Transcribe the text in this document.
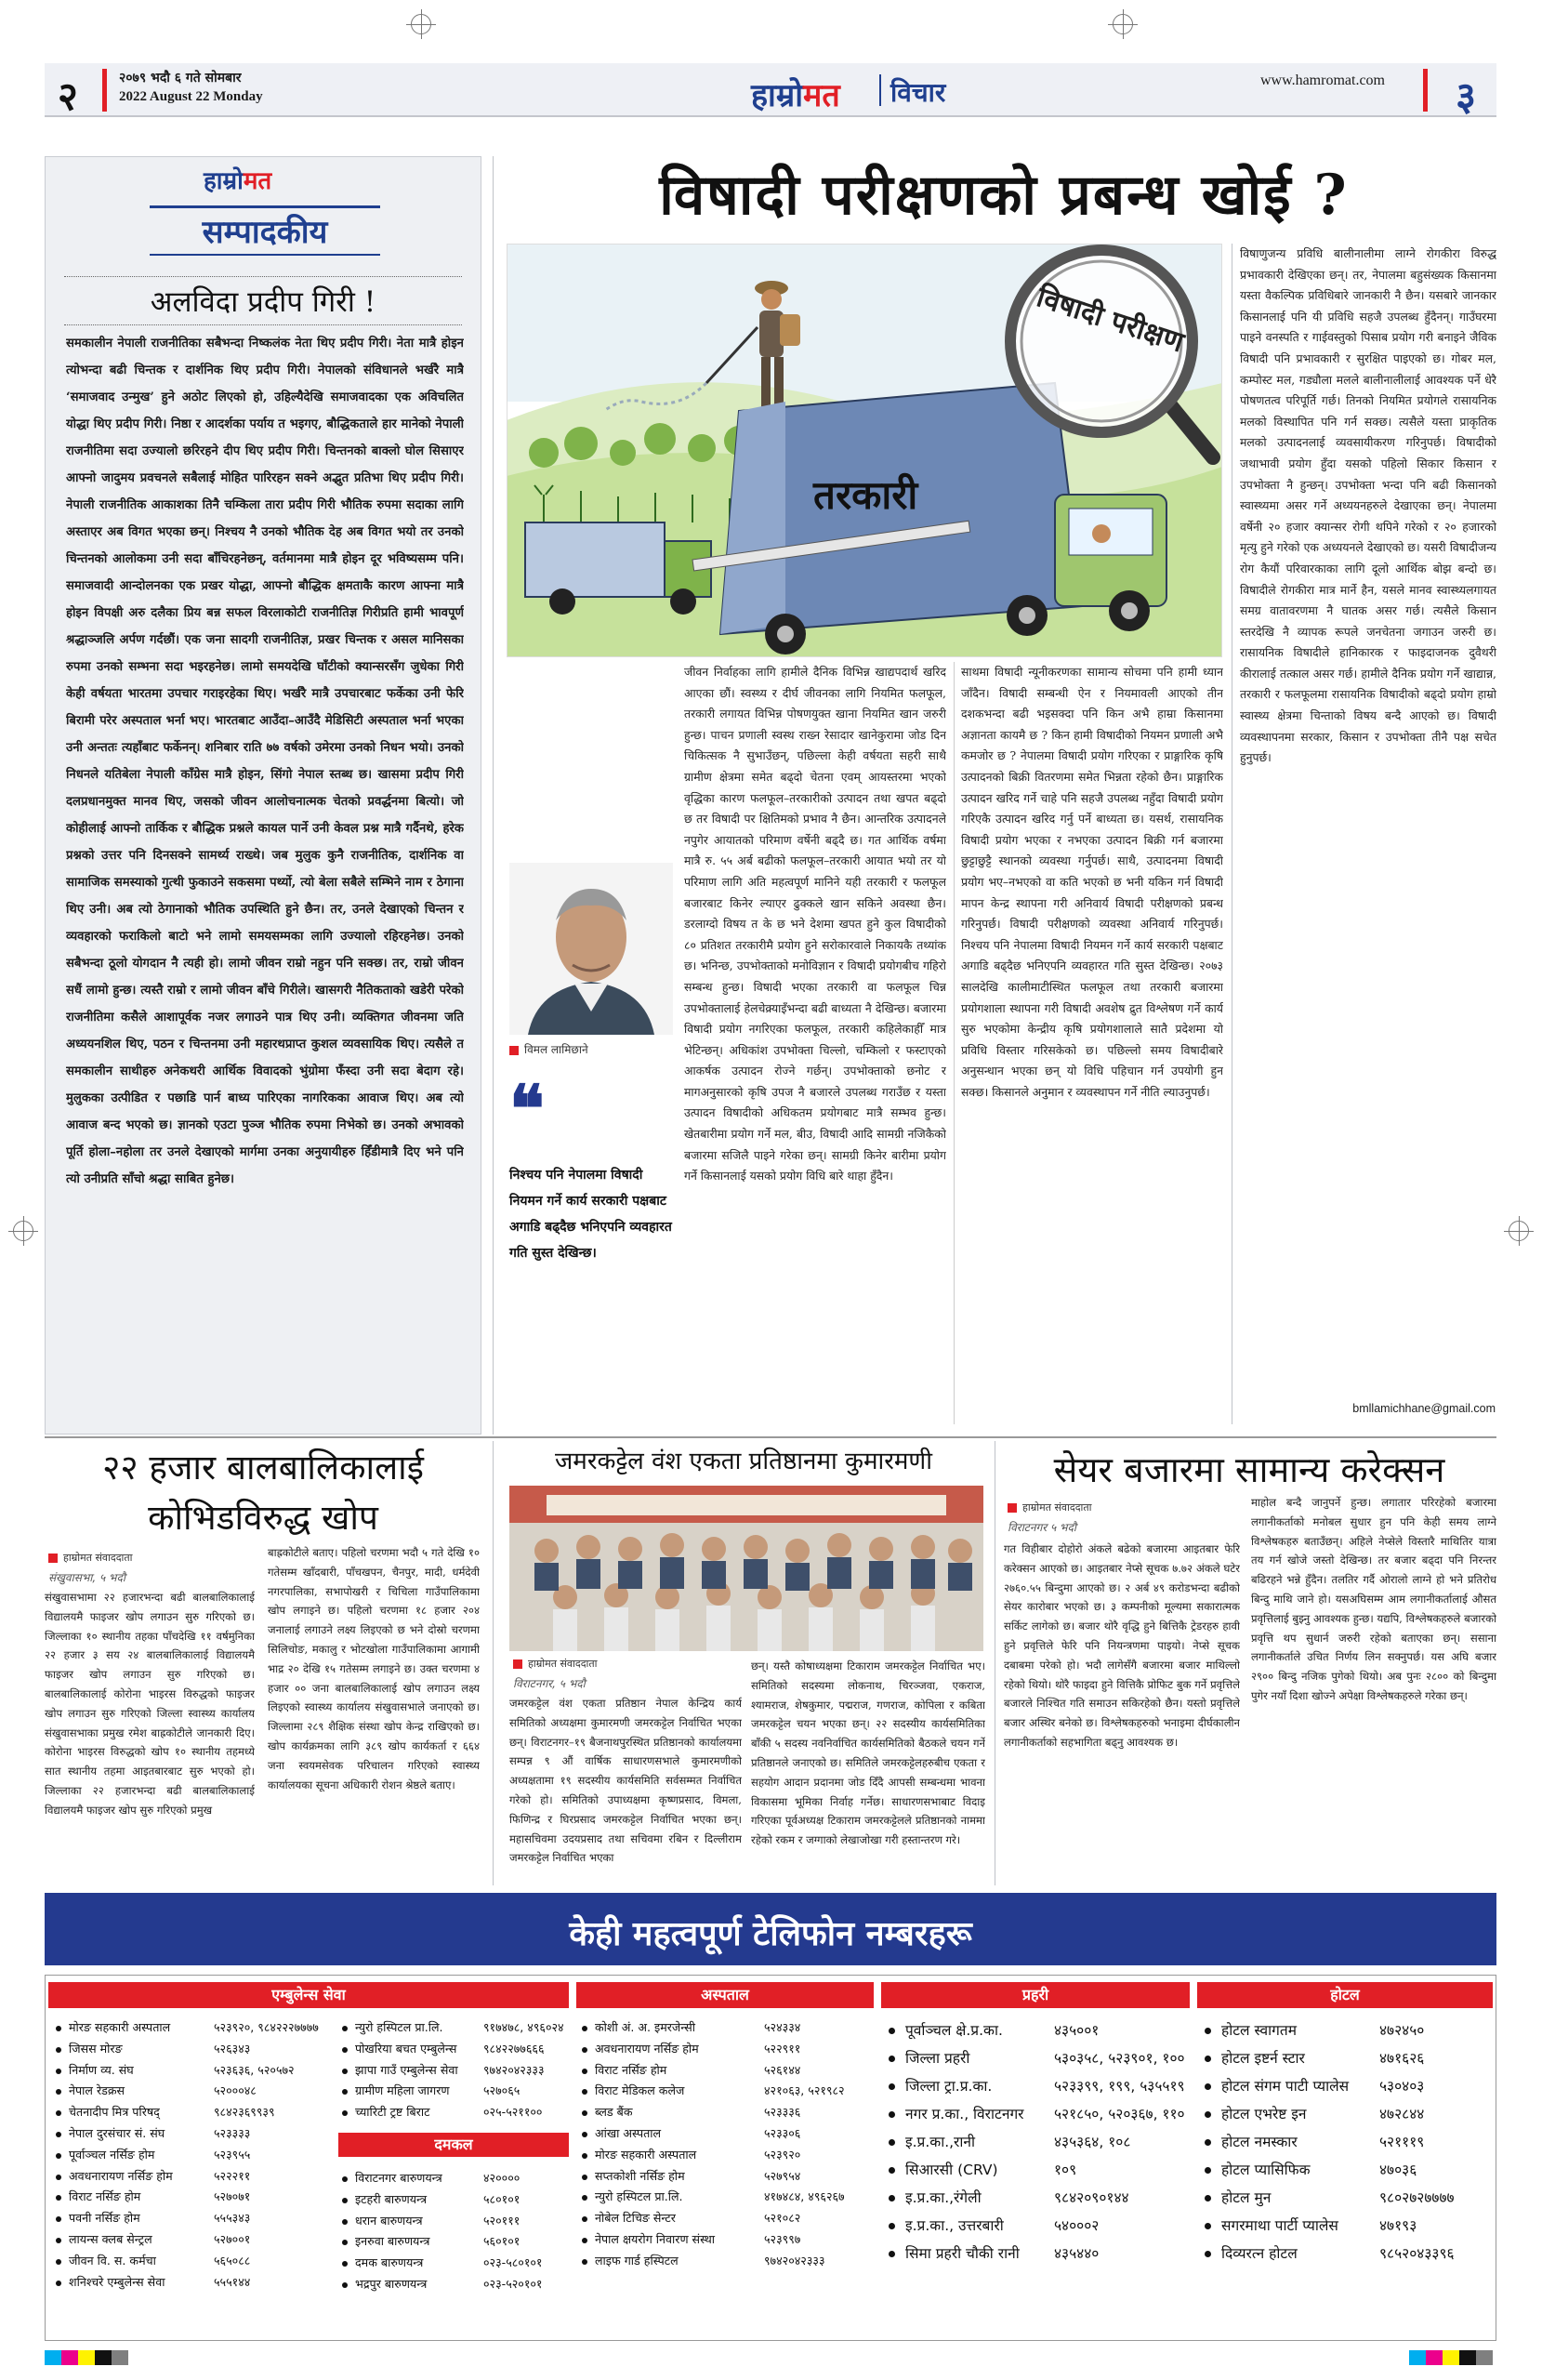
२	२०७९ भदौ ६ गते सोमबार
2022 August 22 Monday	हाम्रोमत विचार	www.hamromat.com ३
हाम्रोमत
सम्पादकीय
अलविदा प्रदीप गिरी !
समकालीन नेपाली राजनीतिका सबैभन्दा निष्कलंक नेता थिए प्रदीप गिरी। नेता मात्रै होइन त्योभन्दा बढी चिन्तक र दार्शनिक थिए प्रदीप गिरी। नेपालको संविधानले भर्खरै मात्रै ‘समाजवाद उन्मुख’ हुने अठोट लिएको हो, उहिल्यैदेखि समाजवादका एक अविचलित योद्धा थिए प्रदीप गिरी। निष्ठा र आदर्शका पर्याय त भइगए, बौद्धिकताले हार मानेको नेपाली राजनीतिमा सदा उज्यालो छरिरहने दीप थिए प्रदीप गिरी। चिन्तनको बाक्लो घोल सिसाएर आफ्नो जादुमय प्रवचनले सबैलाई मोहित पारिरहन सक्ने अद्भुत प्रतिभा थिए प्रदीप गिरी। नेपाली राजनीतिक आकाशका तिनै चम्किला तारा प्रदीप गिरी भौतिक रुपमा सदाका लागि अस्ताएर अब विगत भएका छन्। निश्चय नै उनको भौतिक देह अब विगत भयो तर उनको चिन्तनको आलोकमा उनी सदा बाँचिरहनेछन्, वर्तमानमा मात्रै होइन दूर भविष्यसम्म पनि। समाजवादी आन्दोलनका एक प्रखर योद्धा, आफ्नो बौद्धिक क्षमताकै कारण आफ्ना मात्रै होइन विपक्षी अरु दलैका प्रिय बन्न सफल विरलाकोटी राजनीतिज्ञ गिरीप्रति हामी भावपूर्ण श्रद्धाञ्जलि अर्पण गर्दछौं। एक जना सादगी राजनीतिज्ञ, प्रखर चिन्तक र असल मानिसका रुपमा उनको सम्भना सदा भइरहनेछ। लामो समयदेखि घाँटीको क्यान्सरसँग जुधेका गिरी केही वर्षयता भारतमा उपचार गराइरहेका थिए। भर्खरै मात्रै उपचारबाट फर्केका उनी फेरि बिरामी परेर अस्पताल भर्ना भए। भारतबाट आउँदा–आउँदै मेडिसिटी अस्पताल भर्ना भएका उनी अन्ततः त्यहाँबाट फर्केनन्। शनिबार राति ७७ वर्षको उमेरमा उनको निधन भयो। उनको निधनले यतिबेला नेपाली काँग्रेस मात्रै होइन, सिंगो नेपाल स्तब्ध छ। खासमा प्रदीप गिरी दलप्रधानमुक्त मानव थिए, जसको जीवन आलोचनात्मक चेतको प्रवर्द्धनमा बित्यो। जो कोहीलाई आफ्नो तार्किक र बौद्धिक प्रश्नले कायल पार्ने उनी केवल प्रश्न मात्रै गर्दैनथे, हरेक प्रश्नको उत्तर पनि दिनसक्ने सामर्थ्य राख्थे। जब मुलुक कुनै राजनीतिक, दार्शनिक वा सामाजिक समस्याको गुत्थी फुकाउने सकसमा पर्थ्यो, त्यो बेला सबैले सम्भिने नाम र ठेगाना थिए उनी। अब त्यो ठेगानाको भौतिक उपस्थिति हुने छैन। तर, उनले देखाएको चिन्तन र व्यवहारको फराकिलो बाटो भने लामो समयसम्मका लागि उज्यालो रहिरहनेछ। उनको सबैभन्दा ठूलो योगदान नै त्यही हो। लामो जीवन राम्रो नहुन पनि सक्छ। तर, राम्रो जीवन सधैं लामो हुन्छ। त्यस्तै राम्रो र लामो जीवन बाँचे गिरीले। खासगरी नैतिकताको खडेरी परेको राजनीतिमा कसैले आशापूर्वक नजर लगाउने पात्र थिए उनी। व्यक्तिगत जीवनमा जति अध्ययनशिल थिए, पठन र चिन्तनमा उनी महारथप्राप्त कुशल व्यवसायिक थिए। त्यसैले त समकालीन साथीहरु अनेकथरी आर्थिक विवादको भुंग्रोमा फँस्दा उनी सदा बेदाग रहे। मुलुकका उत्पीडित र पछाडि पार्न बाध्य पारिएका नागरिकका आवाज थिए। अब त्यो आवाज बन्द भएको छ। ज्ञानको एउटा पुञ्ज भौतिक रुपमा निभेको छ। उनको अभावको पूर्ति होला–नहोला तर उनले देखाएको मार्गमा उनका अनुयायीहरु हिँडीमात्रै दिए भने पनि त्यो उनीप्रति साँचो श्रद्धा साबित हुनेछ।
विषादी परीक्षणको प्रबन्ध खोई ?
तरकारी
विषादी परीक्षण
विमल लामिछाने
❝
निश्चय पनि नेपालमा विषादी नियमन गर्ने कार्य सरकारी पक्षबाट अगाडि बढ्दैछ भनिएपनि व्यवहारत गति सुस्त देखिन्छ।
जीवन निर्वाहका लागि हामीले दैनिक विभिन्न खाद्यपदार्थ खरिद आएका छौं। स्वस्थ्य र दीर्घ जीवनका लागि नियमित फलफूल, तरकारी लगायत विभिन्न पोषणयुक्त खाना नियमित खान जरुरी हुन्छ। पाचन प्रणाली स्वस्थ राख्न रेसादार खानेकुरामा जोड दिन चिकित्सक नै सुभाउँछन्, पछिल्ला केही वर्षयता सहरी साथै ग्रामीण क्षेत्रमा समेत बढ्दो चेतना एवम् आयस्तरमा भएको वृद्धिका कारण फलफूल–तरकारीको उत्पादन तथा खपत बढ्दो छ तर विषादी पर क्षितिमको प्रभाव नै छैन। आन्तरिक उत्पादनले नपुगेर आयातको परिमाण वर्षेनी बढ्दै छ। गत आर्थिक वर्षमा मात्रै रु. ५५ अर्ब बढीको फलफूल–तरकारी आयात भयो तर यो परिमाण लागि अति महत्वपूर्ण मानिने यही तरकारी र फलफूल बजारबाट किनेर ल्याएर ढुक्कले खान सकिने अवस्था छैन। डरलाग्दो विषय त के छ भने देशमा खपत हुने कुल विषादीको ८० प्रतिशत तरकारीमै प्रयोग हुने सरोकारवाले निकायकै तथ्यांक छ। भनिन्छ, उपभोक्ताको मनोविज्ञान र विषादी प्रयोगबीच गहिरो सम्बन्ध हुन्छ। विषादी भएका तरकारी वा फलफूल चिन्न उपभोक्तालाई हेलचेक्र्याइँभन्दा बढी बाध्यता नै देखिन्छ। बजारमा विषादी प्रयोग नगरिएका फलफूल, तरकारी कहिलेकाहीँ मात्र भेटिन्छन्। अधिकांश उपभोक्ता चिल्लो, चम्किलो र फस्टाएको आकर्षक उत्पादन रोज्ने गर्छन्। उपभोक्ताको छनोट र मागअनुसारको कृषि उपज नै बजारले उपलब्ध गराउँछ र यस्ता उत्पादन विषादीको अधिकतम प्रयोगबाट मात्रै सम्भव हुन्छ। खेतबारीमा प्रयोग गर्ने मल, बीउ, विषादी आदि सामग्री नजिकैको बजारमा सजिलै पाइने गरेका छन्। सामग्री किनेर बारीमा प्रयोग गर्ने किसानलाई यसको प्रयोग विधि बारे थाहा हुँदैन।
साथमा विषादी न्यूनीकरणका सामान्य सोचमा पनि हामी ध्यान जाँदैन। विषादी सम्बन्धी ऐन र नियमावली आएको तीन दशकभन्दा बढी भइसक्दा पनि किन अभै हाम्रा किसानमा अज्ञानता कायमै छ ? किन हामी विषादीको नियमन प्रणाली अभै कमजोर छ ? नेपालमा विषादी प्रयोग गरिएका र प्राङ्गारिक कृषि उत्पादनको बिक्री वितरणमा समेत भिन्नता रहेको छैन। प्राङ्गारिक उत्पादन खरिद गर्ने चाहे पनि सहजै उपलब्ध नहुँदा विषादी प्रयोग गरिएकै उत्पादन खरिद गर्नु पर्ने बाध्यता छ। यसर्थ, रासायनिक विषादी प्रयोग भएका र नभएका उत्पादन बिक्री गर्न बजारमा छुट्टाछुट्टै स्थानको व्यवस्था गर्नुपर्छ। साथै, उत्पादनमा विषादी प्रयोग भए–नभएको वा कति भएको छ भनी यकिन गर्न विषादी मापन केन्द्र स्थापना गरी अनिवार्य विषादी परीक्षणको प्रबन्ध गरिनुपर्छ। विषादी परीक्षणको व्यवस्था अनिवार्य गरिनुपर्छ। निश्चय पनि नेपालमा विषादी नियमन गर्ने कार्य सरकारी पक्षबाट अगाडि बढ्दैछ भनिएपनि व्यवहारत गति सुस्त देखिन्छ। २०७३ सालदेखि कालीमाटीस्थित फलफूल तथा तरकारी बजारमा प्रयोगशाला स्थापना गरी विषादी अवशेष द्रुत विश्लेषण गर्ने कार्य सुरु भएकोमा केन्द्रीय कृषि प्रयोगशालाले सातै प्रदेशमा यो प्रविधि विस्तार गरिसकेको छ। पछिल्लो समय विषादीबारे अनुसन्धान भएका छन् यो विधि पहिचान गर्न उपयोगी हुन सक्छ। किसानले अनुमान र व्यवस्थापन गर्ने नीति ल्याउनुपर्छ।
विषाणुजन्य प्रविधि बालीनालीमा लाग्ने रोगकीरा विरुद्ध प्रभावकारी देखिएका छन्। तर, नेपालमा बहुसंख्यक किसानमा यस्ता वैकल्पिक प्रविधिबारे जानकारी नै छैन। यसबारे जानकार किसानलाई पनि यी प्रविधि सहजै उपलब्ध हुँदैनन्। गाउँघरमा पाइने वनस्पति र गाईवस्तुको पिसाब प्रयोग गरी बनाइने जैविक विषादी पनि प्रभावकारी र सुरक्षित पाइएको छ। गोबर मल, कम्पोस्ट मल, गड्यौला मलले बालीनालीलाई आवश्यक पर्ने धेरै पोषणतत्व परिपूर्ति गर्छ। तिनको नियमित प्रयोगले रासायनिक मलको विस्थापित पनि गर्न सक्छ। त्यसैले यस्ता प्राकृतिक मलको उत्पादनलाई व्यवसायीकरण गरिनुपर्छ। विषादीको जथाभावी प्रयोग हुँदा यसको पहिलो सिकार किसान र उपभोक्ता नै हुन्छन्। उपभोक्ता भन्दा पनि बढी किसानको स्वास्थ्यमा असर गर्ने अध्ययनहरुले देखाएका छन्। नेपालमा वर्षेनी २० हजार क्यान्सर रोगी थपिने गरेको र २० हजारको मृत्यु हुने गरेको एक अध्ययनले देखाएको छ। यसरी विषादीजन्य रोग कैयौं परिवारकाका लागि दूलो आर्थिक बोझ बन्दो छ। विषादीले रोगकीरा मात्र मार्ने हैन, यसले मानव स्वास्थ्यलगायत समग्र वातावरणमा नै घातक असर गर्छ। त्यसैले किसान स्तरदेखि नै व्यापक रूपले जनचेतना जगाउन जरुरी छ। रासायनिक विषादीले हानिकारक र फाइदाजनक दुवैथरी कीरालाई तत्काल असर गर्छ। हामीले दैनिक प्रयोग गर्ने खाद्यान्न, तरकारी र फलफूलमा रासायनिक विषादीको बढ्दो प्रयोग हाम्रो स्वास्थ्य क्षेत्रमा चिन्ताको विषय बन्दै आएको छ। विषादी व्यवस्थापनमा सरकार, किसान र उपभोक्ता तीनै पक्ष सचेत हुनुपर्छ।
bmllamichhane@gmail.com
२२ हजार बालबालिकालाई कोभिडविरुद्ध खोप
हाम्रोमत संवाददाता
संखुवासभा, ५ भदौ
संखुवासभामा २२ हजारभन्दा बढी बालबालिकालाई विद्यालयमै फाइजर खोप लगाउन सुरु गरिएको छ। जिल्लाका १० स्थानीय तहका पाँचदेखि ११ वर्षमुनिका २२ हजार ३ सय २४ बालबालिकालाई विद्यालयमै फाइजर खोप लगाउन सुरु गरिएको छ। बालबालिकालाई कोरोना भाइरस विरुद्धको फाइजर खोप लगाउन सुरु गरिएको जिल्ला स्वास्थ्य कार्यालय संखुवासभाका प्रमुख रमेश बाह्रकोटीले जानकारी दिए। कोरोना भाइरस विरुद्धको खोप १० स्थानीय तहमध्ये सात स्थानीय तहमा आइतबारबाट सुरु भएको हो। जिल्लाका २२ हजारभन्दा बढी बालबालिकालाई विद्यालयमै फाइजर खोप सुरु गरिएको प्रमुख
बाह्रकोटीले बताए। पहिलो चरणमा भदौ ५ गते देखि १० गतेसम्म खाँदबारी, पाँचखपन, चैनपुर, मादी, धर्मदेवी नगरपालिका, सभापोखरी र चिचिला गाउँपालिकामा खोप लगाइने छ। पहिलो चरणमा १८ हजार २०४ जनालाई लगाउने लक्ष्य लिइएको छ भने दोस्रो चरणमा सिलिचोङ, मकालु र भोटखोला गाउँपालिकामा आगामी भाद्र २० देखि १५ गतेसम्म लगाइने छ। उक्त चरणमा ४ हजार ०० जना बालबालिकालाई खोप लगाउन लक्ष्य लिइएको स्वास्थ्य कार्यालय संखुवासभाले जनाएको छ। जिल्लामा २८९ शैक्षिक संस्था खोप केन्द्र राखिएको छ। खोप कार्यक्रमका लागि ३८९ खोप कार्यकर्ता र ६६४ जना स्वयमसेवक परिचालन गरिएको स्वास्थ्य कार्यालयका सूचना अधिकारी रोशन श्रेष्ठले बताए।
जमरकट्टेल वंश एकता प्रतिष्ठानमा कुमारमणी
हाम्रोमत संवाददाता
विराटनगर, ५ भदौ
जमरकट्टेल वंश एकता प्रतिष्ठान नेपाल केन्द्रिय कार्य समितिको अध्यक्षमा कुमारमणी जमरकट्टेल निर्वाचित भएका छन्। विराटनगर–१९ बैजनाथपुरस्थित प्रतिष्ठानको कार्यालयमा सम्पन्न ९ औं वार्षिक साधारणसभाले कुमारमणीको अध्यक्षतामा १९ सदस्यीय कार्यसमिति सर्वसम्मत निर्वाचित गरेको हो। समितिको उपाध्यक्षमा कृष्णप्रसाद, विमला, फिणिन्द्र र घिरप्रसाद जमरकट्टेल निर्वाचित भएका छन्। महासचिवमा उदयप्रसाद तथा सचिवमा रबिन र दिल्लीराम जमरकट्टेल निर्वाचित भएका
छन्। यस्तै कोषाध्यक्षमा टिकाराम जमरकट्टेल निर्वाचित भए। समितिको सदस्यमा लोकनाथ, चिरञ्जवा, एकराज, श्यामराज, शेषकुमार, पद्मराज, गणराज, कोपिला र कबिता जमरकट्टेल चयन भएका छन्। २२ सदस्यीय कार्यसमितिका बाँकी ५ सदस्य नवनिर्वाचित कार्यसमितिको बैठकले चयन गर्ने प्रतिष्ठानले जनाएको छ। समितिले जमरकट्टेलहरुबीच एकता र सहयोग आदान प्रदानमा जोड दिँदै आपसी सम्बन्धमा भावना विकासमा भूमिका निर्वाह गर्नेछ। साधारणसभाबाट विदाइ गरिएका पूर्वअध्यक्ष टिकाराम जमरकट्टेलले प्रतिष्ठानको नाममा रहेको रकम र जग्गाको लेखाजोखा गरी हस्तान्तरण गरे।
सेयर बजारमा सामान्य करेक्सन
हाम्रोमत संवाददाता
विराटनगर ५ भदौ
गत विहीबार दोहोरो अंकले बढेको बजारमा आइतबार फेरि करेक्सन आएको छ। आइतबार नेप्से सूचक ७.७२ अंकले घटेर २७६०.५५ बिन्दुमा आएको छ। २ अर्ब ४९ करोडभन्दा बढीको सेयर कारोबार भएको छ। ३ कम्पनीको मूल्यमा सकारात्मक सर्किट लागेको छ। बजार थोरै वृद्धि हुने बित्तिकै ट्रेडरहरु हावी हुने प्रवृत्तिले फेरि पनि नियन्त्रणमा पाइयो। नेप्से सूचक दबाबमा परेको हो। भदौ लागेसँगै बजारमा बजार माथिल्लो रहेको थियो। थोरै फाइदा हुने वित्तिकै प्रोफिट बुक गर्ने प्रवृत्तिले बजारले निश्चित गति समाउन सकिरहेको छैन। यस्तो प्रवृत्तिले बजार अस्थिर बनेको छ। विश्लेषकहरुको भनाइमा दीर्घकालीन लगानीकर्ताको सहभागिता बढ्नु आवश्यक छ।
माहोल बन्दै जानुपर्ने हुन्छ। लगातार परिरहेको बजारमा लगानीकर्ताको मनोबल सुधार हुन पनि केही समय लाग्ने विश्लेषकहरु बताउँछन्। अहिले नेप्सेले विस्तारै माथितिर यात्रा तय गर्न खोजे जस्तो देखिन्छ। तर बजार बढ्दा पनि निरन्तर बढिरहने भन्ने हुँदैन। तलतिर गर्दै ओरालो लाग्ने हो भने प्रतिरोध बिन्दु माथि जाने हो। यसअघिसम्म आम लगानीकर्तालाई औसत प्रवृत्तिलाई बुझ्नु आवश्यक हुन्छ। यद्यपि, विश्लेषकहरुले बजारको प्रवृत्ति थप सुधार्न जरुरी रहेको बताएका छन्। ससाना लगानीकर्ताले उचित निर्णय लिन सक्नुपर्छ। यस अघि बजार २९०० बिन्दु नजिक पुगेको थियो। अब पुनः २८०० को बिन्दुमा पुगेर नयाँ दिशा खोज्ने अपेक्षा विश्लेषकहरुले गरेका छन्।
केही महत्वपूर्ण टेलिफोन नम्बरहरू
एम्बुलेन्स सेवा	अस्पताल	प्रहरी	होटल
मोरङ सहकारी अस्पताल	५२३९२०, ९८४२२२७७७७
जिसस मोरङ	५२६३४३
निर्माण व्य. संघ	५२३६३६, ५२०५७२
नेपाल रेडक्रस	५२०००४८
चेतनादीप मित्र परिषद्	९८४२३६९९३९
नेपाल दुरसंचार सं. संघ	५२३३३३
पूर्वाञ्चल नर्सिङ होम	५२३९५५
अवधनारायण नर्सिङ होम	५२२२११
विराट नर्सिङ होम	५२७०७१
पवनी नर्सिङ होम	५५५३४३
लायन्स क्लब सेन्ट्रल	५२७००१
जीवन वि. स. कर्मचा	५६५०८८
शनिश्चरे एम्बुलेन्स सेवा	५५५१४४
न्युरो हस्पिटल प्रा.लि.	९१७४७८, ४९६०२४
पोखरिया बचत एम्बुलेन्स ९८४२२७७६६६
झापा गाउँ एम्बुलेन्स सेवा ९७४२०४२३३३
ग्रामीण महिला जागरण	५२७०६५
च्यारिटी ट्रष्ट बिराट	०२५-५२११००
दमकल
विराटनगर बारुणयन्त्र	४२००००
इटहरी बारुणयन्त्र	५८०१०१
धरान बारुणयन्त्र	५२०१११
इनरुवा बारुणयन्त्र	५६०१०१
दमक बारुणयन्त्र	०२३-५८०१०१
भद्रपुर बारुणयन्त्र	०२३-५२०१०१
कोशी अं. अ. इमरजेन्सी	५२४३३४
अवधनारायण नर्सिङ होम	५२२९११
विराट नर्सिङ होम	५२६१४४
विराट मेडिकल कलेज	४२१०६३, ५२१९८२
ब्लड बैंक	५२३३३६
आंखा अस्पताल	५२३३०६
मोरङ सहकारी अस्पताल	५२३९२०
सप्तकोशी नर्सिङ होम	५२७९५४
न्युरो हस्पिटल प्रा.लि.	४१७४८४, ४९६२६७
नोबेल टिचिङ सेन्टर	५२१०८२
नेपाल क्षयरोग निवारण संस्था	५२३९९७
लाइफ गार्ड हस्पिटल	९७४२०४२३३३
पूर्वाञ्चल क्षे.प्र.का.	४३५००१
जिल्ला प्रहरी	५३०३५८, ५२३९०१, १००
जिल्ला ट्रा.प्र.का.	५२३३९९, १९९, ५३५५१९
नगर प्र.का., विराटनगर ५२१८५०, ५२०३६७, ११०
इ.प्र.का.,रानी	४३५३६४, १०८
सिआरसी (CRV)	१०९
इ.प्र.का.,रंगेली	९८४२०९०१४४
इ.प्र.का., उत्तरबारी	५४०००२
सिमा प्रहरी चौकी रानी ४३५४४०
होटल स्वागतम	४७२४५०
होटल इष्टर्न स्टार	४७१६२६
होटल संगम पाटी प्यालेस ५३०४०३
होटल एभरेष्ट इन	४७२८४४
होटल नमस्कार	५२१११९
होटल प्यासिफिक	४७०३६
होटल मुन	९८०२७२७७७७
सगरमाथा पार्टी प्यालेस	४७१९३
दिव्यरत्न होटल	९८५२०४३३९६
